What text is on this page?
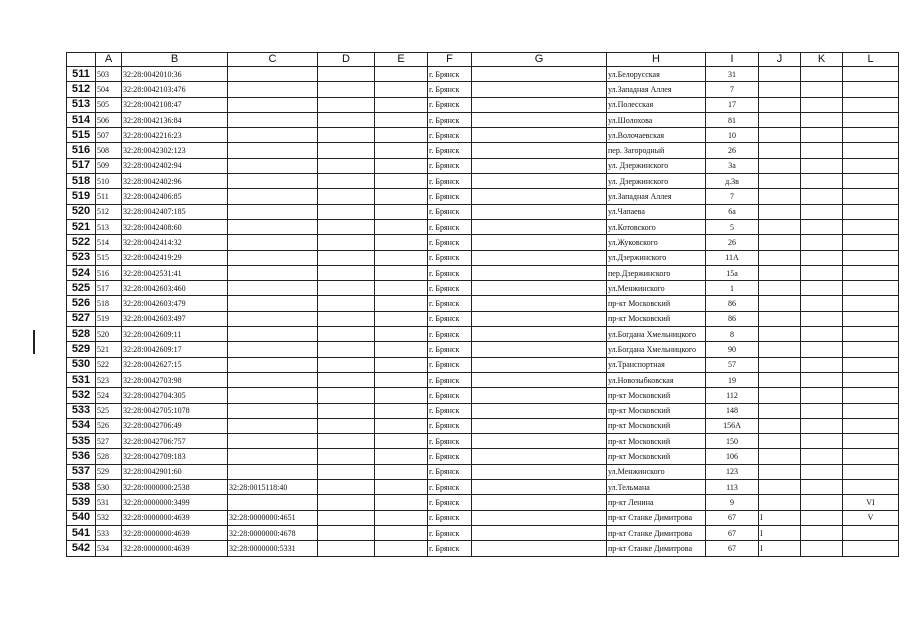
	A	B	C	D	E	F	G	H	I	J	K	L
511	503	32:28:0042010:36				г. Брянск		ул.Белорусская	31			
512	504	32:28:0042103:476				г. Брянск		ул.Западная Аллея	7			
513	505	32:28:0042108:47				г. Брянск		ул.Полесская	17			
514	506	32:28:0042136:84				г. Брянск		ул.Шолохова	81			
515	507	32:28:0042216:23				г. Брянск		ул.Волочаевская	10			
516	508	32:28:0042302:123				г. Брянск		пер. Загородный	26			
517	509	32:28:0042402:94				г. Брянск		ул. Дзержинского	3а			
518	510	32:28:0042402:96				г. Брянск		ул. Дзержинского	д.3в			
519	511	32:28:0042406:85				г. Брянск		ул.Западная Аллея	7			
520	512	32:28:0042407:185				г. Брянск		ул.Чапаева	6а			
521	513	32:28:0042408:60				г. Брянск		ул.Котовского	5			
522	514	32:28:0042414:32				г. Брянск		ул.Жуковского	26			
523	515	32:28:0042419:29				г. Брянск		ул.Дзержинского	11А			
524	516	32:28:0042531:41				г. Брянск		пер.Дзержинского	15а			
525	517	32:28:0042603:460				г. Брянск		ул.Менжинского	1			
526	518	32:28:0042603:479				г. Брянск		пр-кт Московский	86			
527	519	32:28:0042603:497				г. Брянск		пр-кт Московский	86			
528	520	32:28:0042609:11				г. Брянск		ул.Богдана Хмельницкого	8			
529	521	32:28:0042609:17				г. Брянск		ул.Богдана Хмельницкого	90			
530	522	32:28:0042627:15				г. Брянск		ул.Транспортная	57			
531	523	32:28:0042703:98				г. Брянск		ул.Новозыбковская	19			
532	524	32:28:0042704:305				г. Брянск		пр-кт Московский	112			
533	525	32:28:0042705:1078				г. Брянск		пр-кт Московский	148			
534	526	32:28:0042706:49				г. Брянск		пр-кт Московский	156А			
535	527	32:28:0042706:757				г. Брянск		пр-кт Московский	150			
536	528	32:28:0042709:183				г. Брянск		пр-кт Московский	106			
537	529	32:28:0042901:60				г. Брянск		ул.Менжинского	123			
538	530	32:28:0000000:2538	32:28:0015118:40			г. Брянск		ул.Тельмана	113			
539	531	32:28:0000000:3499				г. Брянск		пр-кт Ленина	9			VI
540	532	32:28:0000000:4639	32:28:0000000:4651			г. Брянск		пр-кт Станке Димитрова	67	I		V
541	533	32:28:0000000:4639	32:28:0000000:4678			г. Брянск		пр-кт Станке Димитрова	67	I		
542	534	32:28:0000000:4639	32:28:0000000:5331			г. Брянск		пр-кт Станке Димитрова	67	I		
